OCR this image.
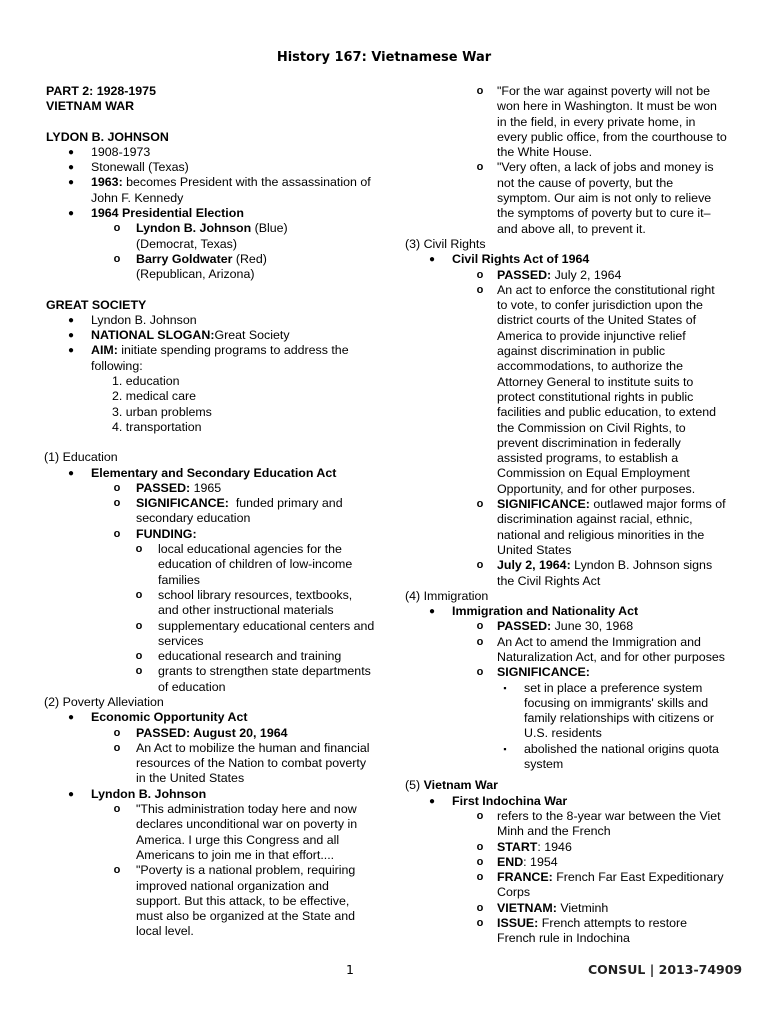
History 167: Vietnamese War
PART 2: 1928-1975
VIETNAM WAR
LYDON B. JOHNSON
● 1908-1973
● Stonewall (Texas)
● 1963: becomes President with the assassination of John F. Kennedy
● 1964 Presidential Election
o Lyndon B. Johnson (Blue)
(Democrat, Texas)
o Barry Goldwater (Red)
(Republican, Arizona)
GREAT SOCIETY
● Lyndon B. Johnson
● NATIONAL SLOGAN:Great Society
● AIM: initiate spending programs to address the following:
1. education
2. medical care
3. urban problems
4. transportation
(1) Education
● Elementary and Secondary Education Act
o PASSED: 1965
o SIGNIFICANCE:  funded primary and secondary education
o FUNDING:
o local educational agencies for the education of children of low-income families
o school library resources, textbooks, and other instructional materials
o supplementary educational centers and services
o educational research and training
o grants to strengthen state departments of education
(2) Poverty Alleviation
● Economic Opportunity Act
o PASSED: August 20, 1964
o An Act to mobilize the human and financial resources of the Nation to combat poverty in the United States
● Lyndon B. Johnson
o "This administration today here and now declares unconditional war on poverty in America. I urge this Congress and all Americans to join me in that effort....
o "Poverty is a national problem, requiring improved national organization and support. But this attack, to be effective, must also be organized at the State and local level.
o "For the war against poverty will not be won here in Washington. It must be won in the field, in every private home, in every public office, from the courthouse to the White House.
o "Very often, a lack of jobs and money is not the cause of poverty, but the symptom. Our aim is not only to relieve the symptoms of poverty but to cure it– and above all, to prevent it.
(3) Civil Rights
● Civil Rights Act of 1964
o PASSED: July 2, 1964
o An act to enforce the constitutional right to vote, to confer jurisdiction upon the district courts of the United States of America to provide injunctive relief against discrimination in public accommodations, to authorize the Attorney General to institute suits to protect constitutional rights in public facilities and public education, to extend the Commission on Civil Rights, to prevent discrimination in federally assisted programs, to establish a Commission on Equal Employment Opportunity, and for other purposes.
o SIGNIFICANCE: outlawed major forms of discrimination against racial, ethnic, national and religious minorities in the United States
o July 2, 1964: Lyndon B. Johnson signs the Civil Rights Act
(4) Immigration
● Immigration and Nationality Act
o PASSED: June 30, 1968
o An Act to amend the Immigration and Naturalization Act, and for other purposes
o SIGNIFICANCE:
▪ set in place a preference system focusing on immigrants' skills and family relationships with citizens or U.S. residents
▪ abolished the national origins quota system
(5) Vietnam War
● First Indochina War
o refers to the 8-year war between the Viet Minh and the French
o START: 1946
o END: 1954
o FRANCE: French Far East Expeditionary Corps
o VIETNAM: Vietminh
o ISSUE: French attempts to restore French rule in Indochina
1	CONSUL | 2013-74909
